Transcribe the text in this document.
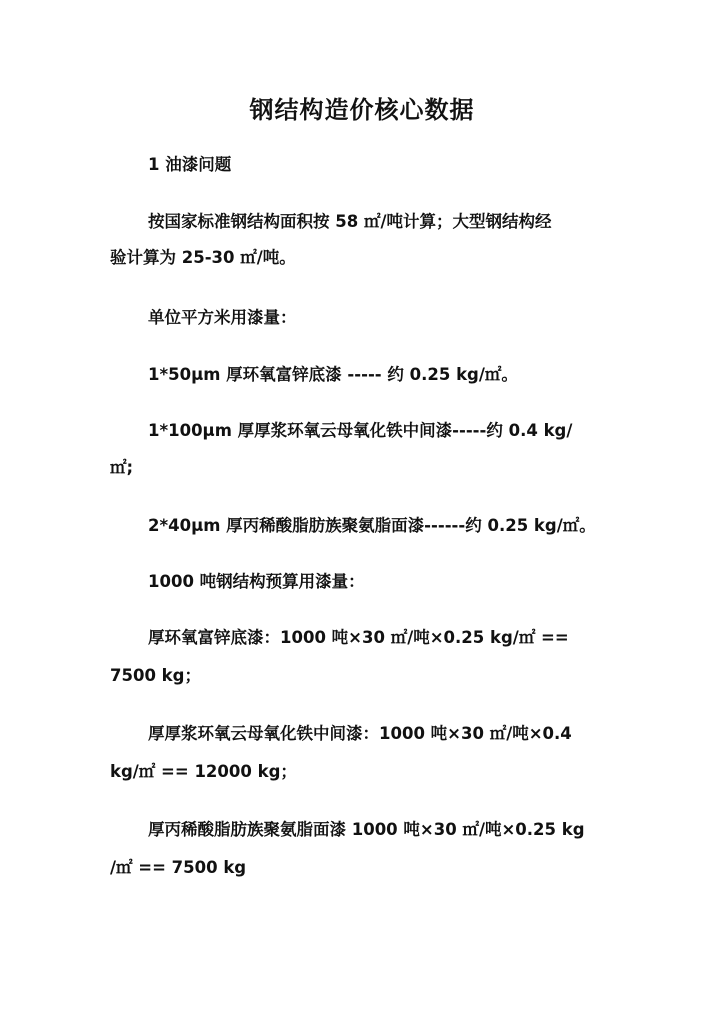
钢结构造价核心数据
1 油漆问题
按国家标准钢结构面积按 58 ㎡/吨计算；大型钢结构经
验计算为 25-30 ㎡/吨。
单位平方米用漆量：
1*50μm 厚环氧富锌底漆 ----- 约 0.25 kg/㎡。
1*100μm 厚厚浆环氧云母氧化铁中间漆-----约 0.4 kg/
㎡;
2*40μm 厚丙稀酸脂肪族聚氨脂面漆------约 0.25 kg/㎡。
1000 吨钢结构预算用漆量：
厚环氧富锌底漆：1000 吨×30 ㎡/吨×0.25 kg/㎡ ==
7500 kg；
厚厚浆环氧云母氧化铁中间漆：1000 吨×30 ㎡/吨×0.4
kg/㎡ == 12000 kg；
厚丙稀酸脂肪族聚氨脂面漆 1000 吨×30 ㎡/吨×0.25 kg
/㎡ == 7500 kg
